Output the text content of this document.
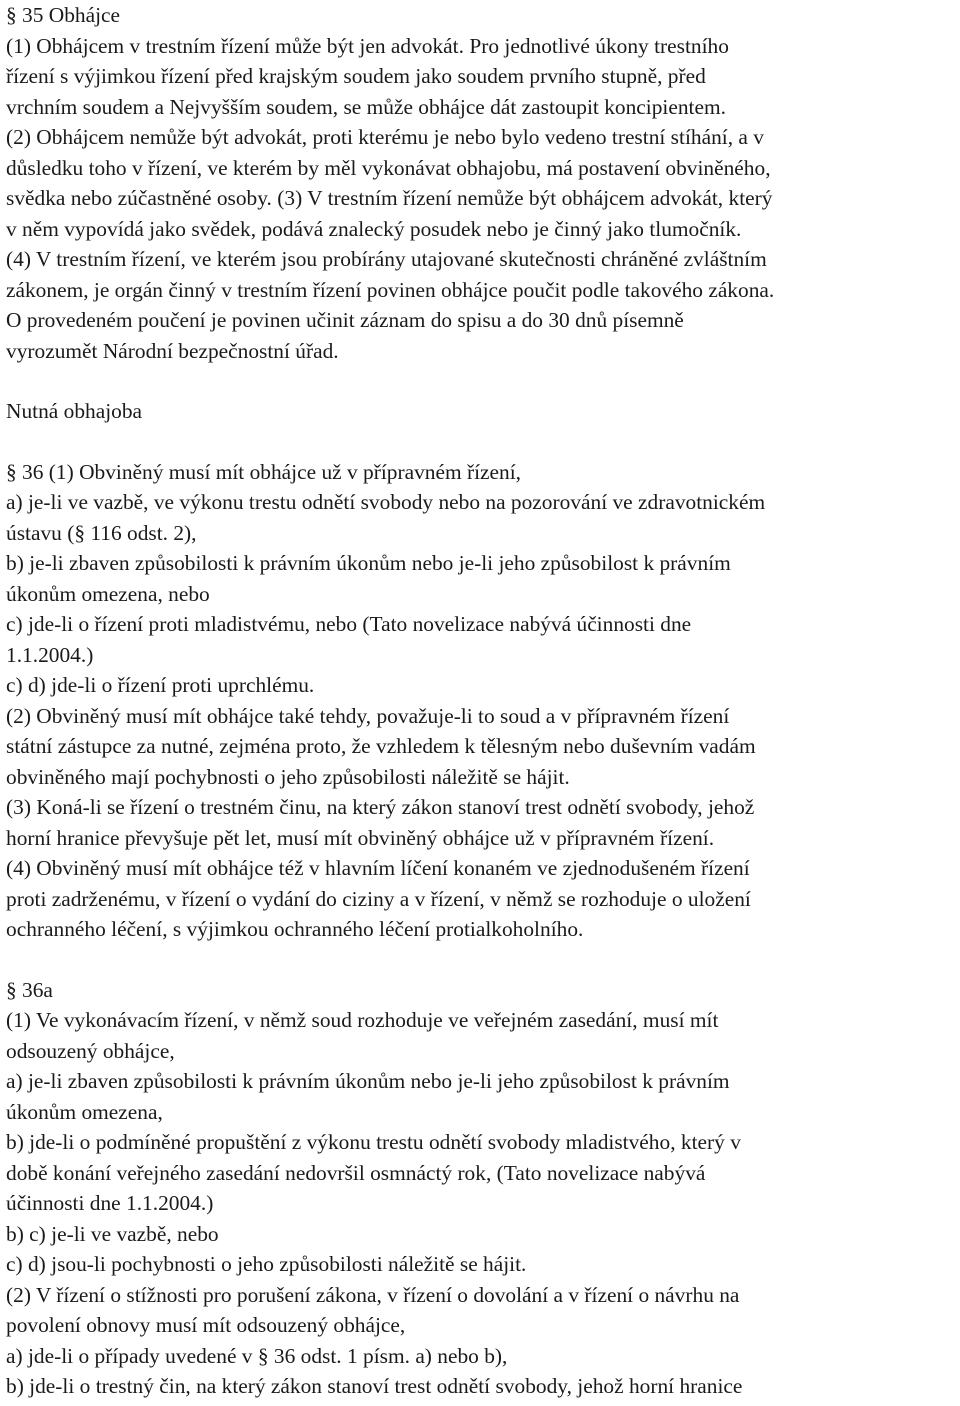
§ 35 Obhájce
(1) Obhájcem v trestním řízení může být jen advokát. Pro jednotlivé úkony trestního
řízení s výjimkou řízení před krajským soudem jako soudem prvního stupně, před
vrchním soudem a Nejvyšším soudem, se může obhájce dát zastoupit koncipientem.
(2) Obhájcem nemůže být advokát, proti kterému je nebo bylo vedeno trestní stíhání, a v
důsledku toho v řízení, ve kterém by měl vykonávat obhajobu, má postavení obviněného,
svědka nebo zúčastněné osoby. (3) V trestním řízení nemůže být obhájcem advokát, který
v něm vypovídá jako svědek, podává znalecký posudek nebo je činný jako tlumočník.
(4) V trestním řízení, ve kterém jsou probírány utajované skutečnosti chráněné zvláštním
zákonem, je orgán činný v trestním řízení povinen obhájce poučit podle takového zákona.
O provedeném poučení je povinen učinit záznam do spisu a do 30 dnů písemně
vyrozumět Národní bezpečnostní úřad.
Nutná obhajoba
§ 36 (1) Obviněný musí mít obhájce už v přípravném řízení,
a) je-li ve vazbě, ve výkonu trestu odnětí svobody nebo na pozorování ve zdravotnickém
ústavu (§ 116 odst. 2),
b) je-li zbaven způsobilosti k právním úkonům nebo je-li jeho způsobilost k právním
úkonům omezena, nebo
c) jde-li o řízení proti mladistvému, nebo (Tato novelizace nabývá účinnosti dne
1.1.2004.)
c) d) jde-li o řízení proti uprchlému.
(2) Obviněný musí mít obhájce také tehdy, považuje-li to soud a v přípravném řízení
státní zástupce za nutné, zejména proto, že vzhledem k tělesným nebo duševním vadám
obviněného mají pochybnosti o jeho způsobilosti náležitě se hájit.
(3) Koná-li se řízení o trestném činu, na který zákon stanoví trest odnětí svobody, jehož
horní hranice převyšuje pět let, musí mít obviněný obhájce už v přípravném řízení.
(4) Obviněný musí mít obhájce též v hlavním líčení konaném ve zjednodušeném řízení
proti zadrženému, v řízení o vydání do ciziny a v řízení, v němž se rozhoduje o uložení
ochranného léčení, s výjimkou ochranného léčení protialkoholního.
§ 36a
(1) Ve vykonávacím řízení, v němž soud rozhoduje ve veřejném zasedání, musí mít
odsouzený obhájce,
a) je-li zbaven způsobilosti k právním úkonům nebo je-li jeho způsobilost k právním
úkonům omezena,
b) jde-li o podmíněné propuštění z výkonu trestu odnětí svobody mladistvého, který v
době konání veřejného zasedání nedovršil osmnáctý rok, (Tato novelizace nabývá
účinnosti dne 1.1.2004.)
b) c) je-li ve vazbě, nebo
c) d) jsou-li pochybnosti o jeho způsobilosti náležitě se hájit.
(2) V řízení o stížnosti pro porušení zákona, v řízení o dovolání a v řízení o návrhu na
povolení obnovy musí mít odsouzený obhájce,
a) jde-li o případy uvedené v § 36 odst. 1 písm. a) nebo b),
b) jde-li o trestný čin, na který zákon stanoví trest odnětí svobody, jehož horní hranice
